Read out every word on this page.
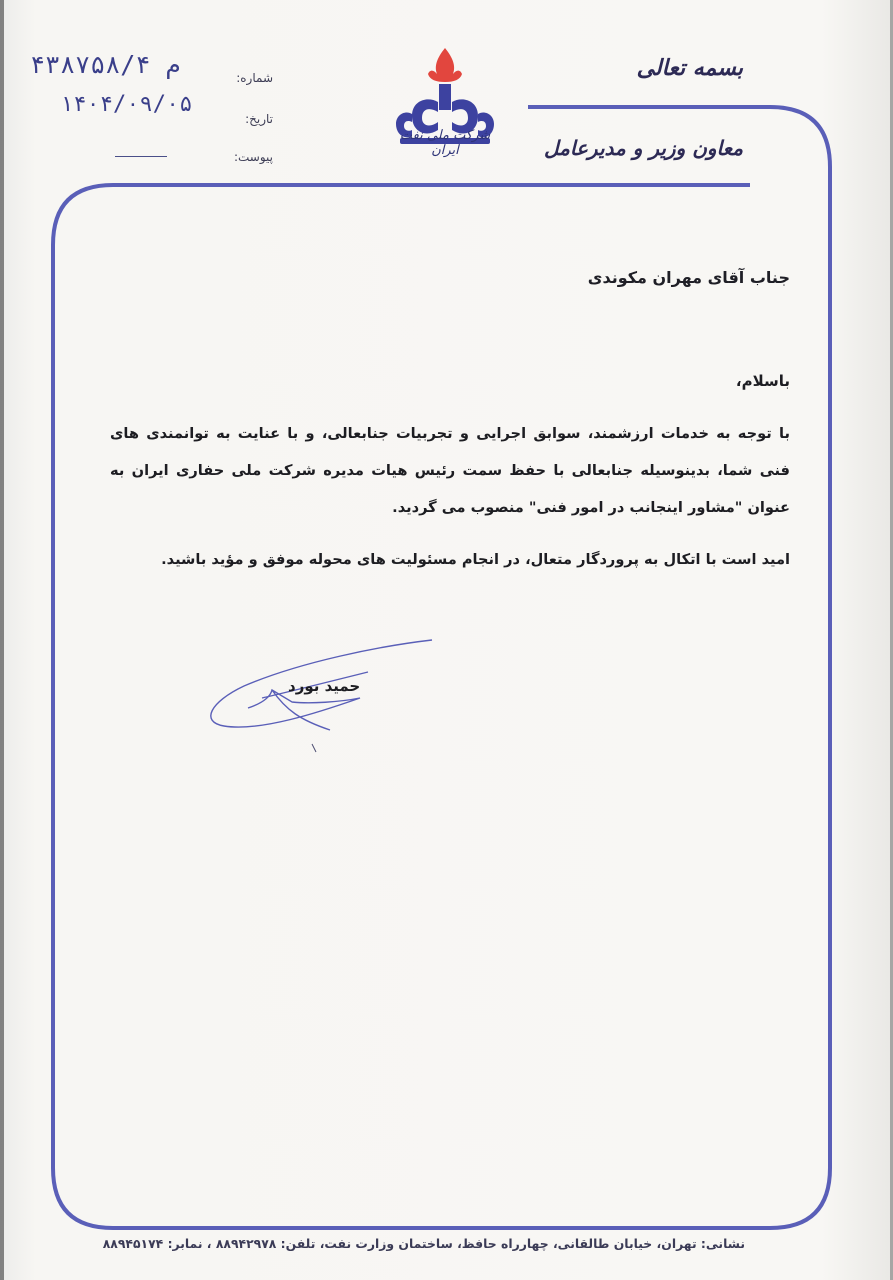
بسمه تعالی
معاون وزیر و مدیرعامل
شرکت ملی نفت ایران
شماره:
تاریخ:
پیوست:
۴۳۸۷۵۸/م ۴
۱۴۰۴/۰۹/۰۵
جناب آقای مهران مکوندی
باسلام،
با توجه به خدمات ارزشمند، سوابق اجرایی و تجربیات جنابعالی، و با عنایت به توانمندی های فنی شما، بدینوسیله جنابعالی با حفظ سمت رئیس هیات مدیره شرکت ملی حفاری ایران به عنوان "مشاور اینجانب در امور فنی" منصوب می گردید.
امید است با اتکال به پروردگار متعال، در انجام مسئولیت های محوله موفق و مؤید باشید.
حمید بورد
نشانی: تهران، خیابان طالقانی، چهارراه حافظ، ساختمان وزارت نفت، تلفن: ۸۸۹۴۲۹۷۸ ، نمابر: ۸۸۹۴۵۱۷۴
